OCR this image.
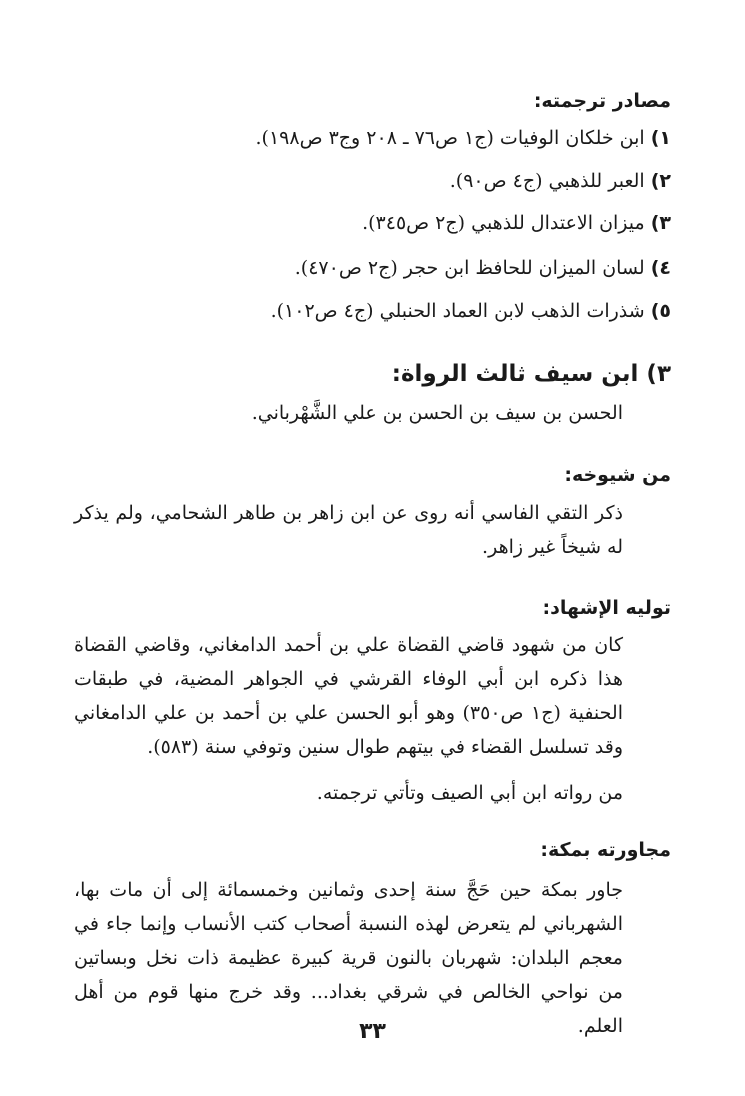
مصادر ترجمته:

١)ابن خلكان الوفيات (ج١ ص٧٦ ـ ٢٠٨ وج٣ ص١٩٨).

٢)العبر للذهبي (ج٤ ص٩٠).

٣)ميزان الاعتدال للذهبي (ج٢ ص٣٤٥).

٤)لسان الميزان للحافظ ابن حجر (ج٢ ص٤٧٠).

٥)شذرات الذهب لابن العماد الحنبلي (ج٤ ص١٠٢).

٣) ابن سيف ثالث الرواة:

الحسن بن سيف بن الحسن بن علي الشَّهْرباني.

من شيوخه:

ذكر التقي الفاسي أنه روى عن ابن زاهر بن طاهر الشحامي، ولم يذكر له شيخاً غير زاهر.

توليه الإشهاد:

كان من شهود قاضي القضاة علي بن أحمد الدامغاني، وقاضي القضاة هذا ذكره ابن أبي الوفاء القرشي في الجواهر المضية، في طبقات الحنفية (ج١ ص٣٥٠) وهو أبو الحسن علي بن أحمد بن علي الدامغاني وقد تسلسل القضاء في بيتهم طوال سنين وتوفي سنة (٥٨٣).

من رواته ابن أبي الصيف وتأتي ترجمته.

مجاورته بمكة:

جاور بمكة حين حَجَّ سنة إحدى وثمانين وخمسمائة إلى أن مات بها، الشهرباني لم يتعرض لهذه النسبة أصحاب كتب الأنساب وإنما جاء في معجم البلدان: شهربان بالنون قرية كبيرة عظيمة ذات نخل وبساتين من نواحي الخالص في شرقي بغداد... وقد خرج منها قوم من أهل العلم.

٣٣
